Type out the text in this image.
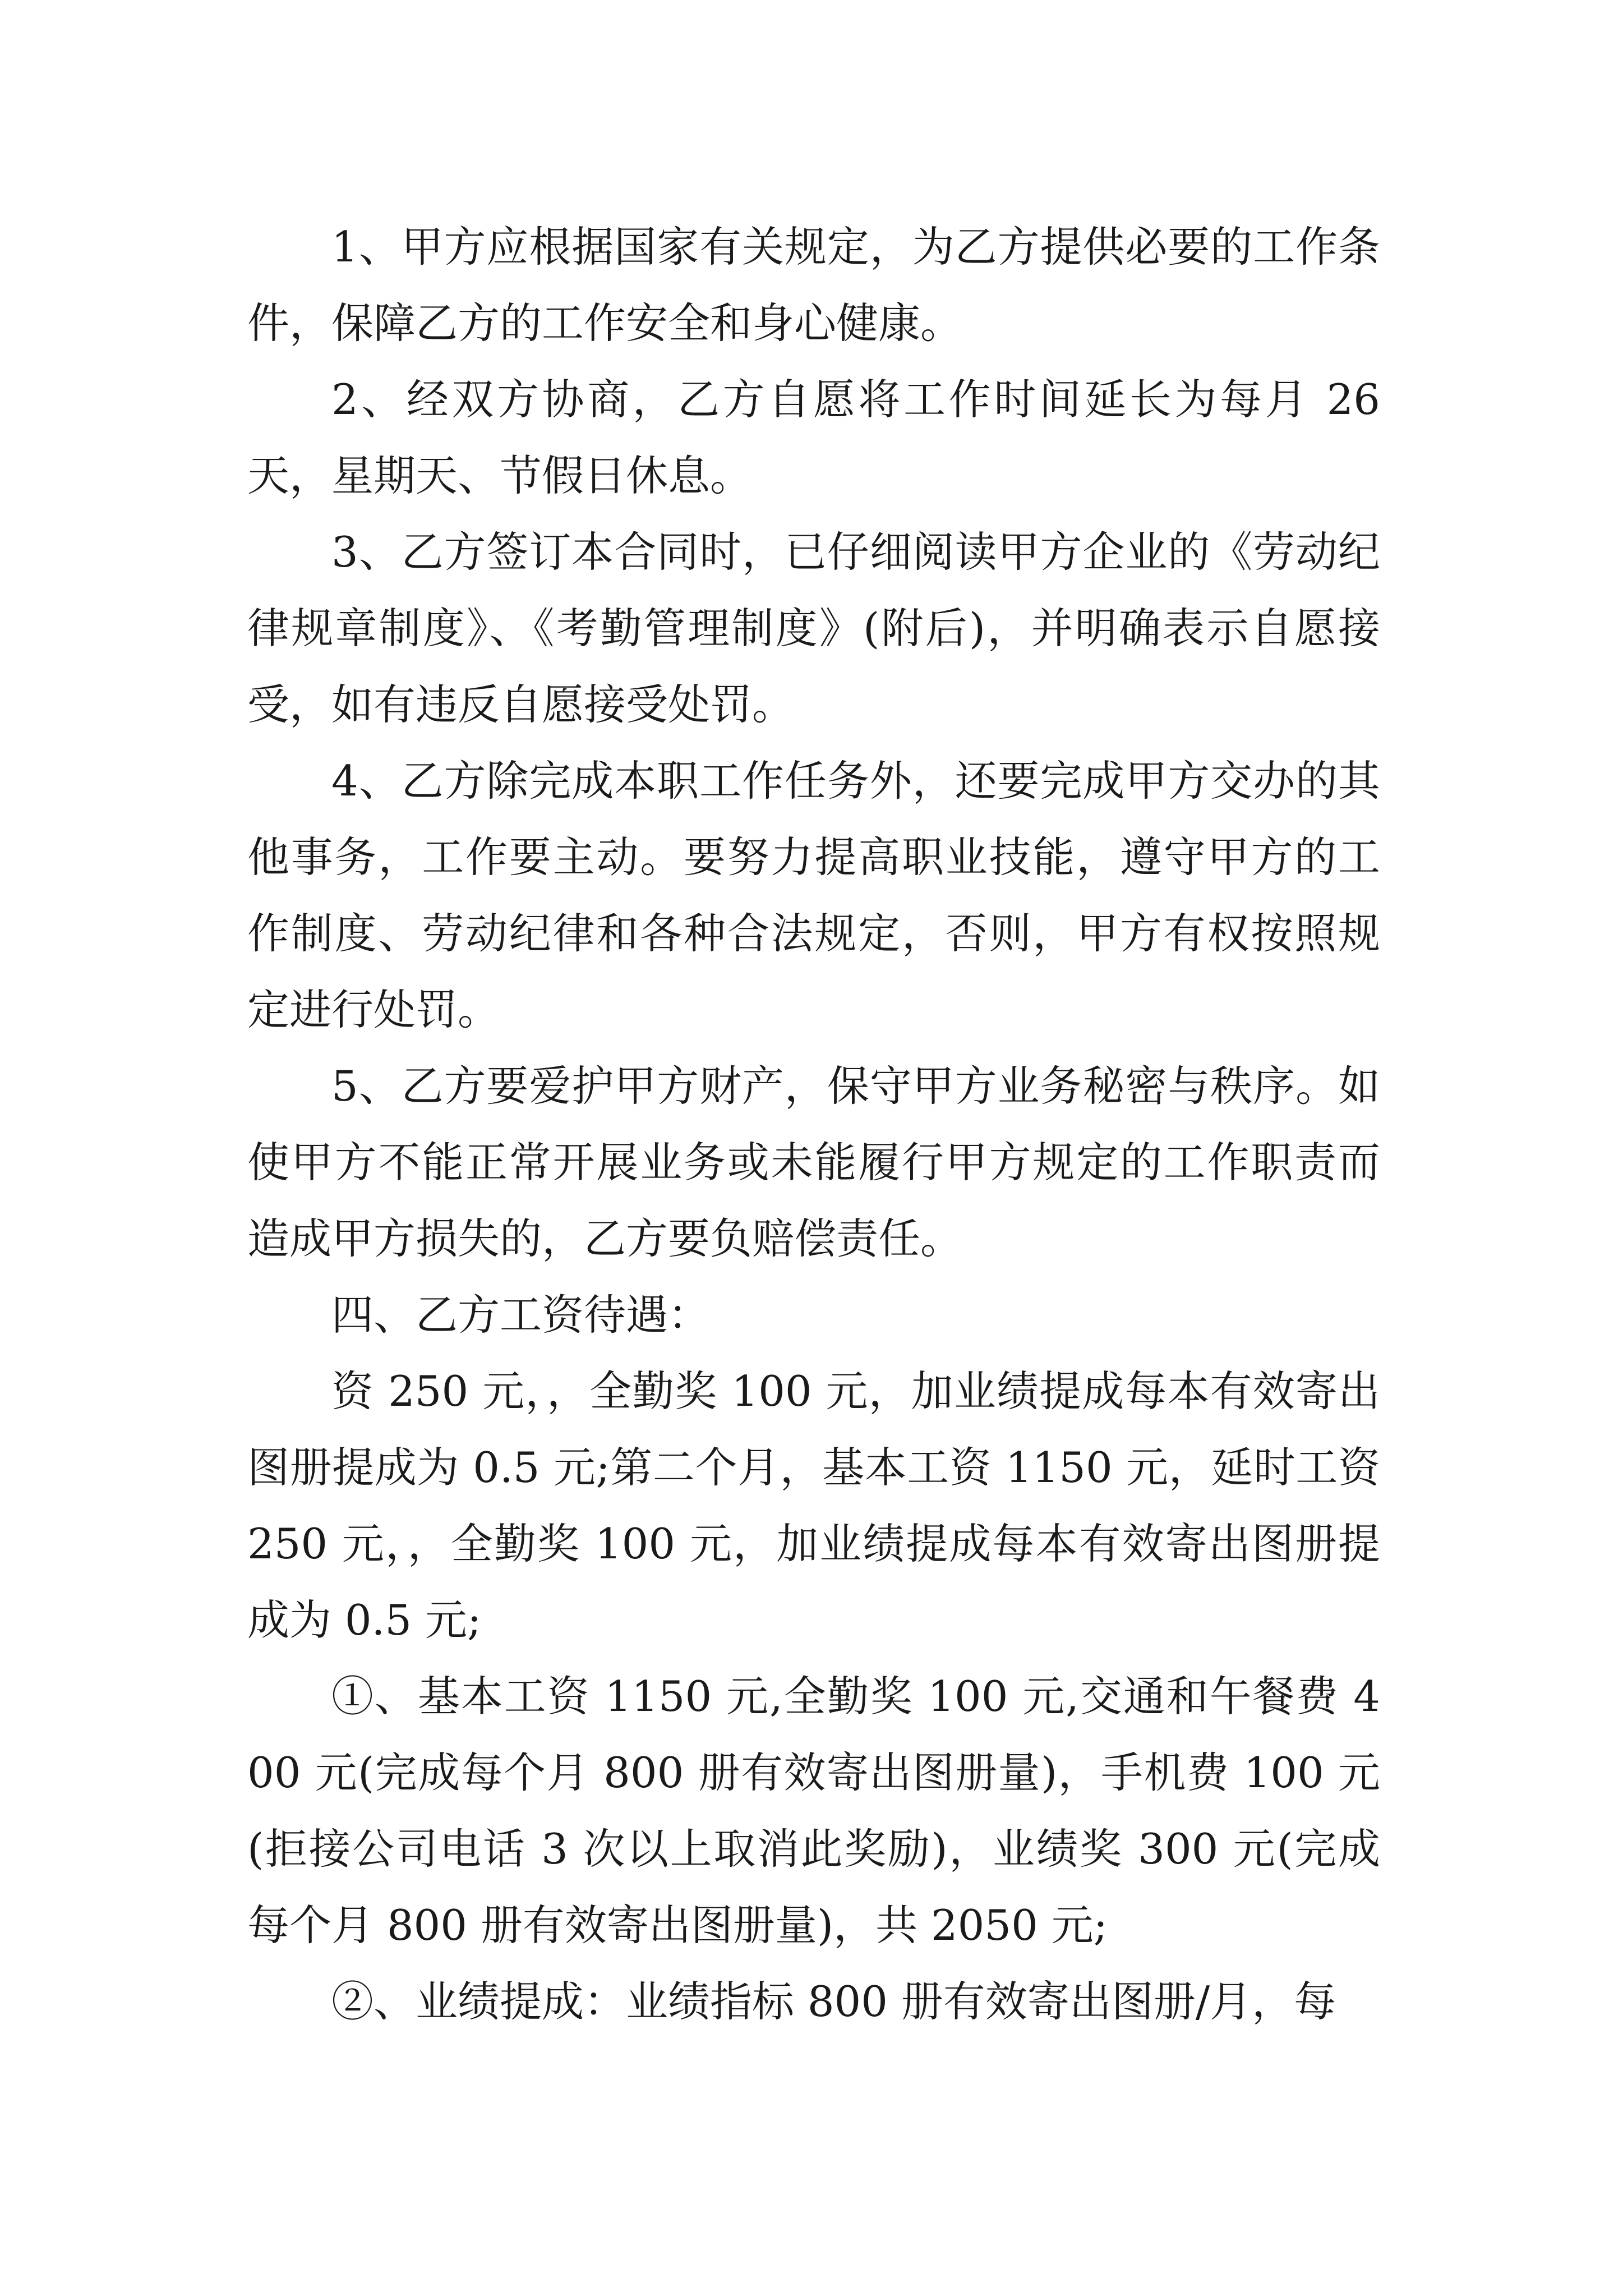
1、甲方应根据国家有关规定，为乙方提供必要的工作条件，保障乙方的工作安全和身心健康。

2、经双方协商，乙方自愿将工作时间延长为每月 26 天，星期天、节假日休息。

3、乙方签订本合同时，已仔细阅读甲方企业的《劳动纪律规章制度》、《考勤管理制度》(附后)，并明确表示自愿接受，如有违反自愿接受处罚。

4、乙方除完成本职工作任务外，还要完成甲方交办的其他事务，工作要主动。要努力提高职业技能，遵守甲方的工作制度、劳动纪律和各种合法规定，否则，甲方有权按照规定进行处罚。

5、乙方要爱护甲方财产，保守甲方业务秘密与秩序。如使甲方不能正常开展业务或未能履行甲方规定的工作职责而造成甲方损失的，乙方要负赔偿责任。

四、乙方工资待遇：

资 250 元，，全勤奖 100 元，加业绩提成每本有效寄出图册提成为 0.5 元;第二个月，基本工资 1150 元，延时工资 250 元，，全勤奖 100 元，加业绩提成每本有效寄出图册提成为 0.5 元;

①、基本工资 1150 元,全勤奖 100 元,交通和午餐费 400 元(完成每个月 800 册有效寄出图册量)，手机费 100 元(拒接公司电话 3 次以上取消此奖励)，业绩奖 300 元(完成每个月 800 册有效寄出图册量)，共 2050 元;

②、业绩提成：业绩指标 800 册有效寄出图册/月，每
